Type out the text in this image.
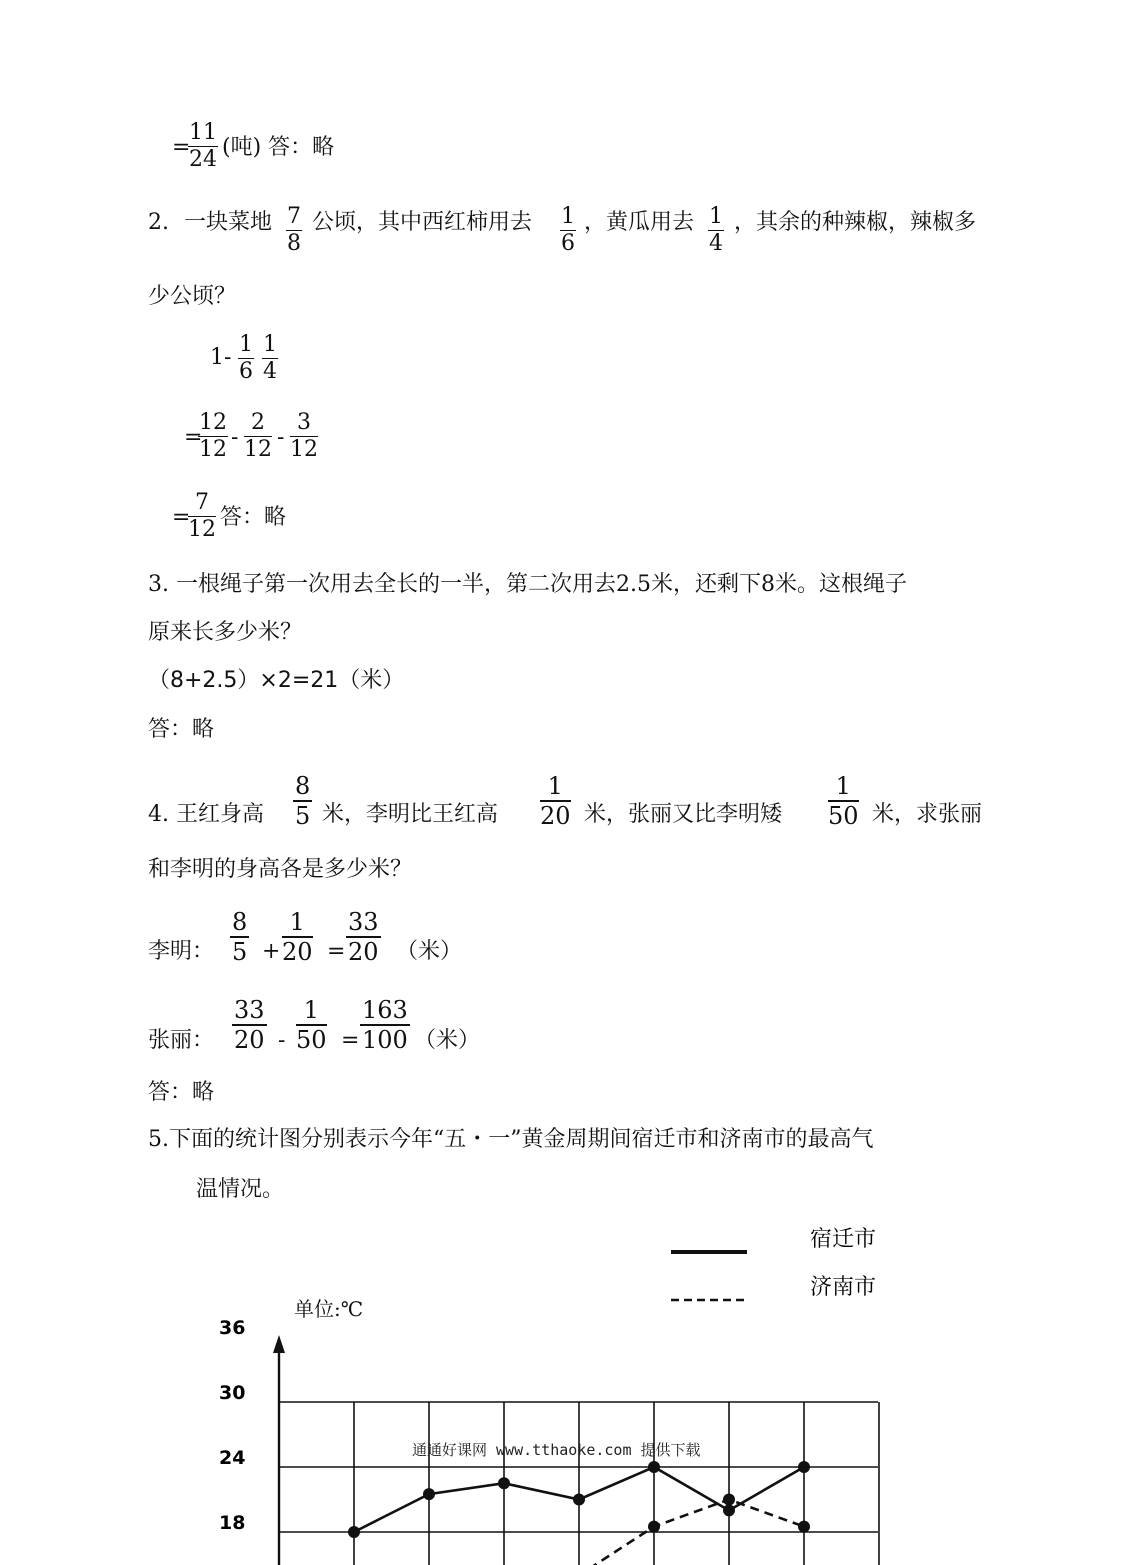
=
$\frac{11}{24}$ (吨) 答：略
2. 一块菜地 $\frac{7}{8}$ 公顷，其中西红柿用去 $\frac{1}{6}$ ，黄瓜用去 $\frac{1}{4}$ ，其余的种辣椒，辣椒多
少公顷？
$1- \frac{1}{6} \frac{1}{4}$
=
$\frac{12}{12} - \frac{2}{12} - \frac{3}{12}$
=
$\frac{7}{12}$ 答：略
3. 一根绳子第一次用去全长的一半，第二次用去2.5米，还剩下8米。这根绳子
原来长多少米？
（8+2.5）×2=21（米）
答：略
4. 王红身高 $\frac{8}{5}$ 米，李明比王红高 $\frac{1}{20}$ 米，张丽又比李明矮 $\frac{1}{50}$ 米，求张丽
和李明的身高各是多少米？
李明： $\frac{8}{5} + \frac{1}{20} = \frac{33}{20}$ （米）
张丽： $\frac{33}{20} - \frac{1}{50} = \frac{163}{100}$ （米）
答：略
5.下面的统计图分别表示今年“五・一”黄金周期间宿迁市和济南市的最高气
温情况。
36
30
24
18
宿迁市
济南市
单位:℃
通通好课网 www.tthaoke.com 提供下载
